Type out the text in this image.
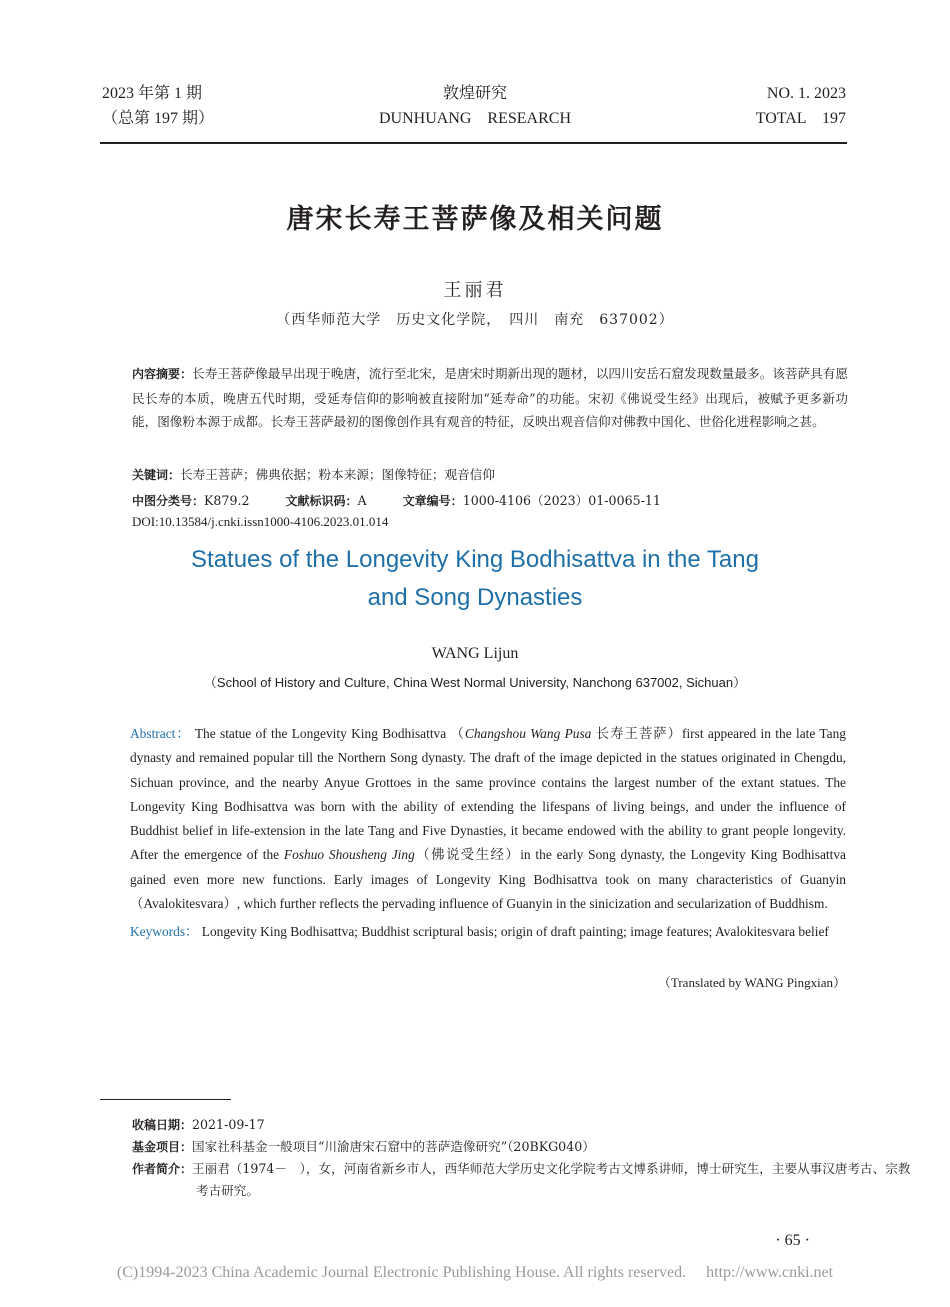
2023 年第 1 期
（总第 197 期）
敦煌研究
DUNHUANG　RESEARCH
NO. 1. 2023
TOTAL　197
唐宋长寿王菩萨像及相关问题
王丽君
（西华师范大学　历史文化学院，　四川　南充　637002）
内容摘要：长寿王菩萨像最早出现于晚唐，流行至北宋，是唐宋时期新出现的题材，以四川安岳石窟发现数量最多。该菩萨具有愿民长寿的本质，晚唐五代时期，受延寿信仰的影响被直接附加“延寿命”的功能。宋初《佛说受生经》出现后，被赋予更多新功能，图像粉本源于成都。长寿王菩萨最初的图像创作具有观音的特征，反映出观音信仰对佛教中国化、世俗化进程影响之甚。
关键词：长寿王菩萨；佛典依据；粉本来源；图像特征；观音信仰
中图分类号：K879.2	文献标识码：A	文章编号：1000-4106（2023）01-0065-11
DOI:10.13584/j.cnki.issn1000-4106.2023.01.014
Statues of the Longevity King Bodhisattva in the Tang
and Song Dynasties
WANG Lijun
（School of History and Culture, China West Normal University, Nanchong 637002, Sichuan）
Abstract： The statue of the Longevity King Bodhisattva （Changshou Wang Pusa 长寿王菩萨）first appeared in the late Tang dynasty and remained popular till the Northern Song dynasty. The draft of the image depicted in the statues originated in Chengdu, Sichuan province, and the nearby Anyue Grottoes in the same province contains the largest number of the extant statues. The Longevity King Bodhisattva was born with the ability of extending the lifespans of living beings, and under the influence of Buddhist belief in life-extension in the late Tang and Five Dynasties, it became endowed with the ability to grant people longevity. After the emergence of the Foshuo Shousheng Jing（佛说受生经）in the early Song dynasty, the Longevity King Bodhisattva gained even more new functions. Early images of Longevity King Bodhisattva took on many characteristics of Guanyin（Avalokitesvara）, which further reflects the pervading influence of Guanyin in the sinicization and secularization of Buddhism.
Keywords： Longevity King Bodhisattva; Buddhist scriptural basis; origin of draft painting; image features; Avalokitesvara belief
（Translated by WANG Pingxian）
收稿日期：2021-09-17
基金项目：国家社科基金一般项目“川渝唐宋石窟中的菩萨造像研究”（20BKG040）
作者简介：王丽君（1974－　），女，河南省新乡市人，西华师范大学历史文化学院考古文博系讲师，博士研究生，主要从事汉唐考古、宗教考古研究。
· 65 ·
(C)1994-2023 China Academic Journal Electronic Publishing House. All rights reserved.　 http://www.cnki.net
